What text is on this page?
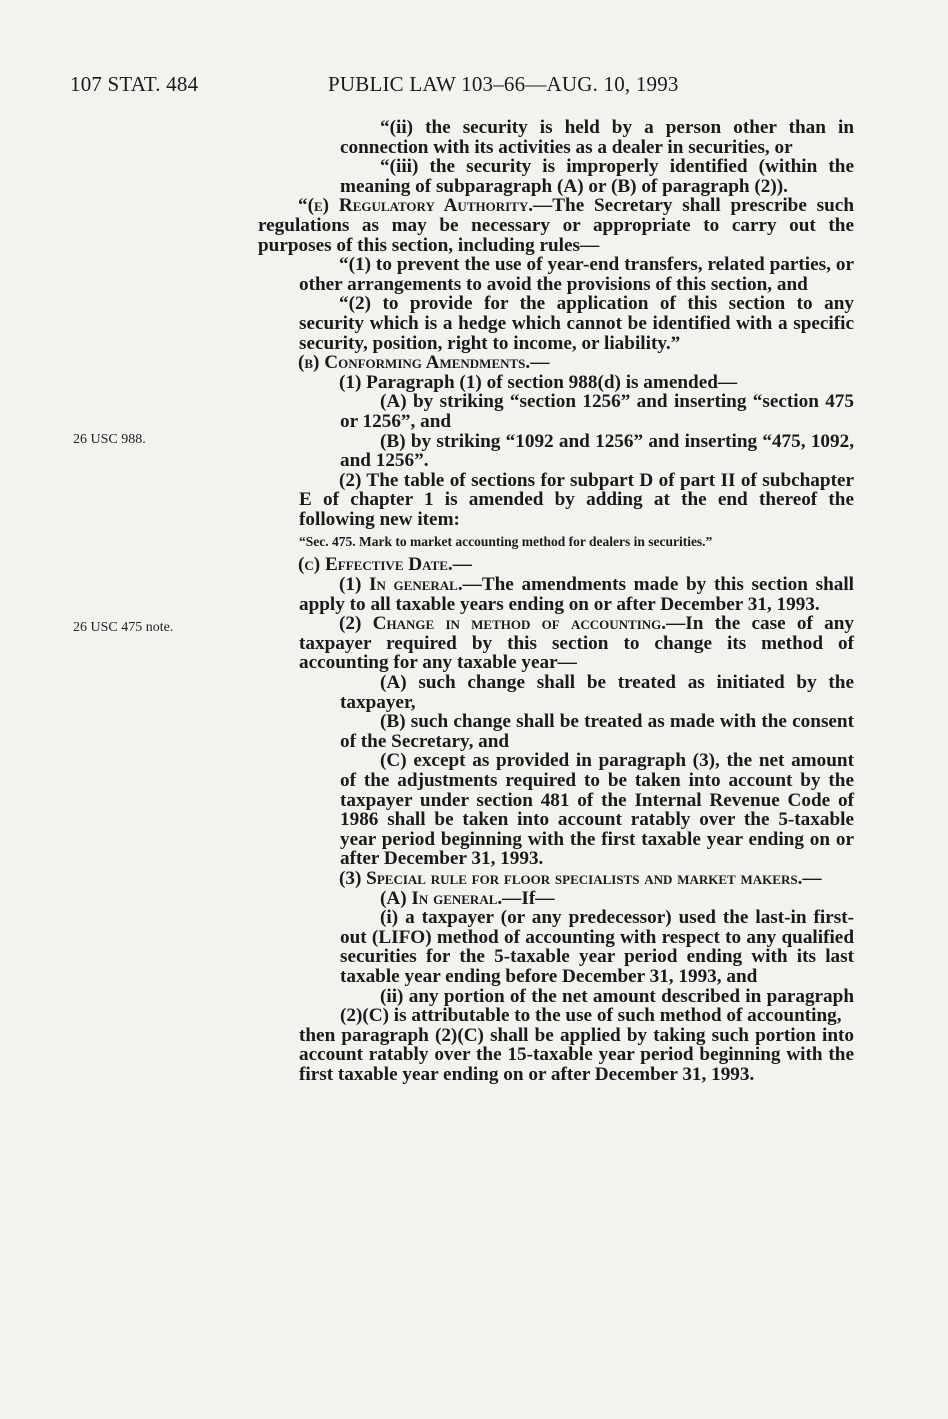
107 STAT. 484	PUBLIC LAW 103–66—AUG. 10, 1993
26 USC 988.
26 USC 475 note.

“(ii) the security is held by a person other than in connection with its activities as a dealer in securities, or

“(iii) the security is improperly identified (within the meaning of subparagraph (A) or (B) of paragraph (2)).

“(e) Regulatory Authority.—The Secretary shall prescribe such regulations as may be necessary or appropriate to carry out the purposes of this section, including rules—

“(1) to prevent the use of year-end transfers, related parties, or other arrangements to avoid the provisions of this section, and

“(2) to provide for the application of this section to any security which is a hedge which cannot be identified with a specific security, position, right to income, or liability.”

(b) Conforming Amendments.—

(1) Paragraph (1) of section 988(d) is amended—

(A) by striking “section 1256” and inserting “section 475 or 1256”, and

(B) by striking “1092 and 1256” and inserting “475, 1092, and 1256”.

(2) The table of sections for subpart D of part II of subchapter E of chapter 1 is amended by adding at the end thereof the following new item:

“Sec. 475. Mark to market accounting method for dealers in securities.”

(c) Effective Date.—

(1) In general.—The amendments made by this section shall apply to all taxable years ending on or after December 31, 1993.

(2) Change in method of accounting.—In the case of any taxpayer required by this section to change its method of accounting for any taxable year—

(A) such change shall be treated as initiated by the taxpayer,

(B) such change shall be treated as made with the consent of the Secretary, and

(C) except as provided in paragraph (3), the net amount of the adjustments required to be taken into account by the taxpayer under section 481 of the Internal Revenue Code of 1986 shall be taken into account ratably over the 5-taxable year period beginning with the first taxable year ending on or after December 31, 1993.

(3) Special rule for floor specialists and market makers.—

(A) In general.—If—

(i) a taxpayer (or any predecessor) used the last-in first-out (LIFO) method of accounting with respect to any qualified securities for the 5-taxable year period ending with its last taxable year ending before December 31, 1993, and

(ii) any portion of the net amount described in paragraph (2)(C) is attributable to the use of such method of accounting,

then paragraph (2)(C) shall be applied by taking such portion into account ratably over the 15-taxable year period beginning with the first taxable year ending on or after December 31, 1993.
